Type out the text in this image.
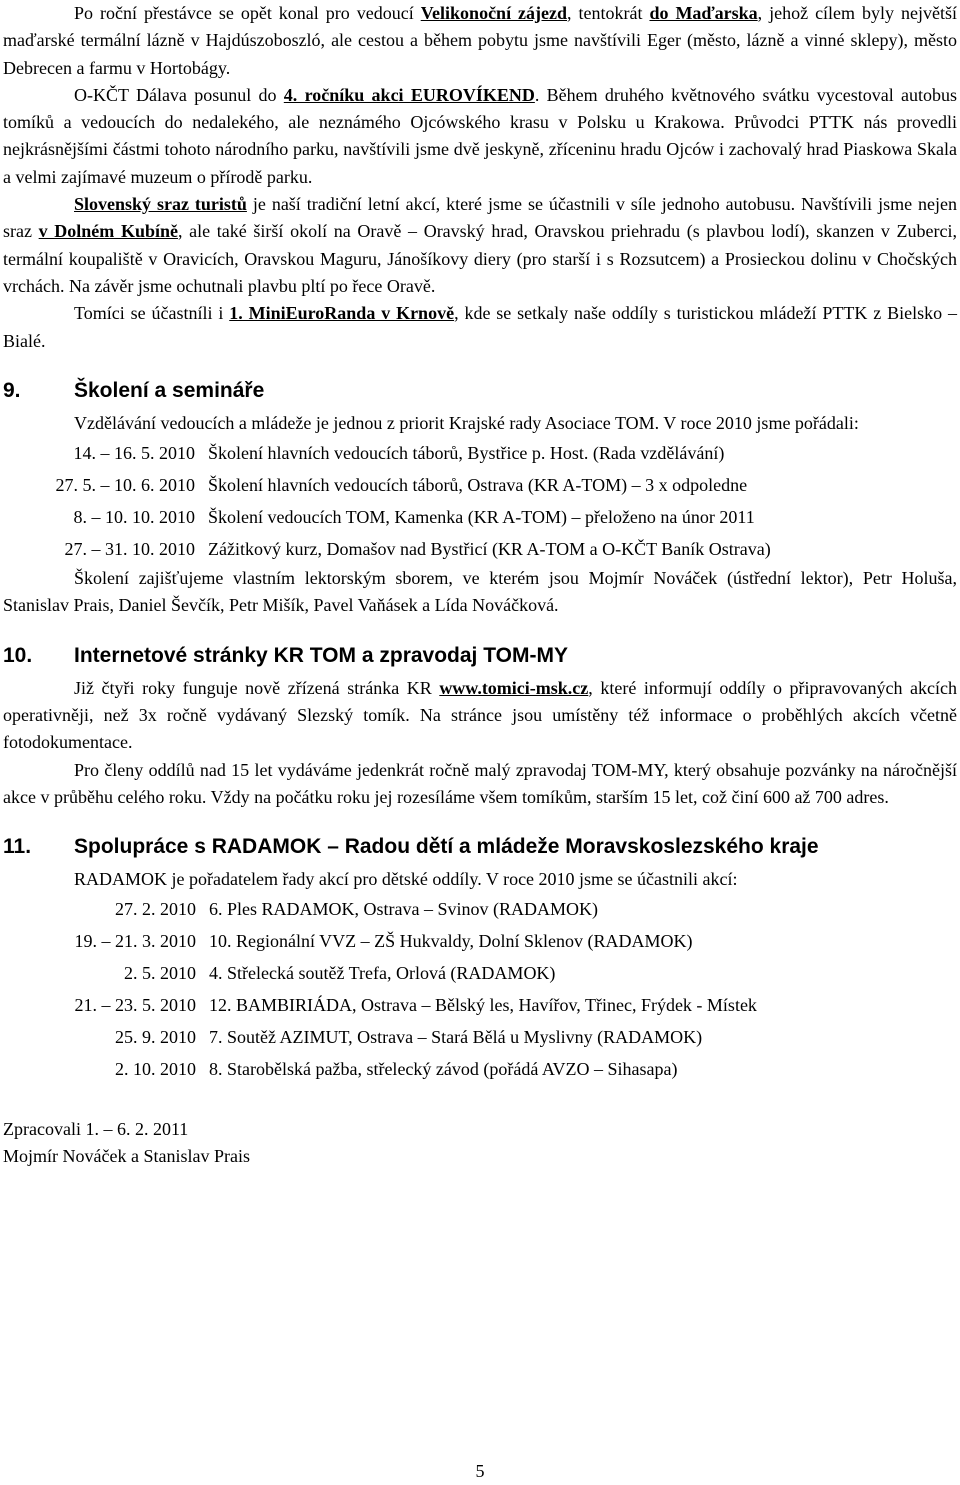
Po roční přestávce se opět konal pro vedoucí Velikonoční zájezd, tentokrát do Maďarska, jehož cílem byly největší maďarské termální lázně v Hajdúszoboszló, ale cestou a během pobytu jsme navštívili Eger (město, lázně a vinné sklepy), město Debrecen a farmu v Hortobágy.

O-KČT Dálava posunul do 4. ročníku akci EUROVÍKEND. Během druhého květnového svátku vycestoval autobus tomíků a vedoucích do nedalekého, ale neznámého Ojcówského krasu v Polsku u Krakowa. Průvodci PTTK nás provedli nejkrásnějšími částmi tohoto národního parku, navštívili jsme dvě jeskyně, zříceninu hradu Ojców i zachovalý hrad Piaskowa Skala a velmi zajímavé muzeum o přírodě parku.

Slovenský sraz turistů je naší tradiční letní akcí, které jsme se účastnili v síle jednoho autobusu. Navštívili jsme nejen sraz v Dolném Kubíně, ale také širší okolí na Oravě – Oravský hrad, Oravskou priehradu (s plavbou lodí), skanzen v Zuberci, termální koupaliště v Oravicích, Oravskou Maguru, Jánošíkovy diery (pro starší i s Rozsutcem) a Prosieckou dolinu v Chočských vrchách. Na závěr jsme ochutnali plavbu pltí po řece Oravě.

Tomíci se účastníli i 1. MiniEuroRanda v Krnově, kde se setkaly naše oddíly s turistickou mládeží PTTK z Bielsko – Bialé.

9.	Školení a semináře

Vzdělávání vedoucích a mládeže je jednou z priorit Krajské rady Asociace TOM. V roce 2010 jsme pořádali:

14. – 16. 5. 2010 Školení hlavních vedoucích táborů, Bystřice p. Host. (Rada vzdělávání)
27. 5. – 10. 6. 2010 Školení hlavních vedoucích táborů, Ostrava (KR A-TOM) – 3 x odpoledne
8. – 10. 10. 2010 Školení vedoucích TOM, Kamenka (KR A-TOM) – přeloženo na únor 2011
27. – 31. 10. 2010 Zážitkový kurz, Domašov nad Bystřicí (KR A-TOM a O-KČT Baník Ostrava)

Školení zajišťujeme vlastním lektorským sborem, ve kterém jsou Mojmír Nováček (ústřední lektor), Petr Holuša, Stanislav Prais, Daniel Ševčík, Petr Mišík, Pavel Vaňásek a Lída Nováčková.

10.	Internetové stránky KR TOM a zpravodaj TOM-MY

Již čtyři roky funguje nově zřízená stránka KR www.tomici-msk.cz, které informují oddíly o připravovaných akcích operativněji, než 3x ročně vydávaný Slezský tomík. Na stránce jsou umístěny též informace o proběhlých akcích včetně fotodokumentace.

Pro členy oddílů nad 15 let vydáváme jedenkrát ročně malý zpravodaj TOM-MY, který obsahuje pozvánky na náročnější akce v průběhu celého roku. Vždy na počátku roku jej rozesíláme všem tomíkům, starším 15 let, což činí 600 až 700 adres.

11.	Spolupráce s RADAMOK – Radou dětí a mládeže Moravskoslezského kraje

RADAMOK je pořadatelem řady akcí pro dětské oddíly. V roce 2010 jsme se účastnili akcí:

27. 2. 2010 6. Ples RADAMOK, Ostrava – Svinov (RADAMOK)
19. – 21. 3. 2010 10. Regionální VVZ – ZŠ Hukvaldy, Dolní Sklenov (RADAMOK)
2. 5. 2010 4. Střelecká soutěž Trefa, Orlová (RADAMOK)
21. – 23. 5. 2010 12. BAMBIRIÁDA, Ostrava – Bělský les, Havířov, Třinec, Frýdek - Místek
25. 9. 2010 7. Soutěž AZIMUT, Ostrava – Stará Bělá u Myslivny (RADAMOK)
2. 10. 2010 8. Starobělská pažba, střelecký závod (pořádá AVZO – Sihasapa)

Zpracovali 1. – 6. 2. 2011

Mojmír Nováček a Stanislav Prais

5
